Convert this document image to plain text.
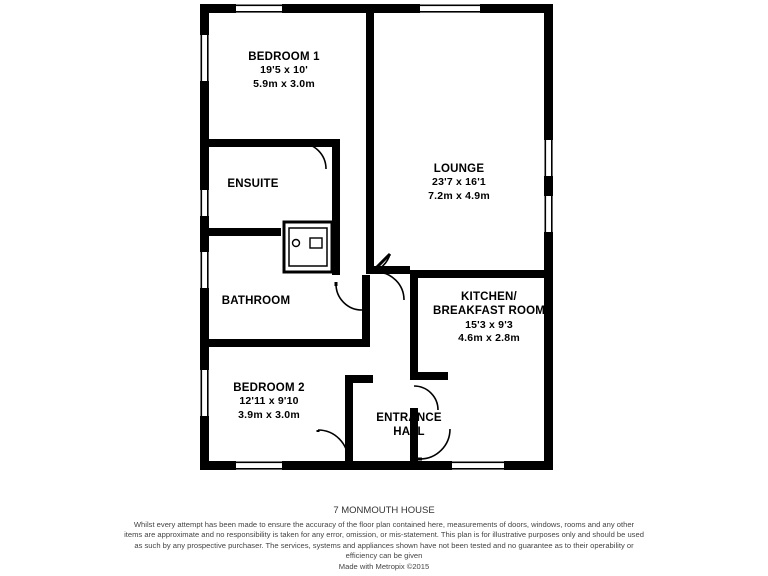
BEDROOM 1
19'5 x 10'
5.9m x 3.0m
ENSUITE
BATHROOM
BEDROOM 2
12'11 x 9'10
3.9m x 3.0m
LOUNGE
23'7 x 16'1
7.2m x 4.9m
KITCHEN/
BREAKFAST ROOM
15'3 x 9'3
4.6m x 2.8m
ENTRANCE
HALL
7 MONMOUTH HOUSE
Whilst every attempt has been made to ensure the accuracy of the floor plan contained here, measurements of doors, windows, rooms and any other items are approximate and no responsibility is taken for any error, omission, or mis-statement. This plan is for illustrative purposes only and should be used as such by any prospective purchaser. The services, systems and appliances shown have not been tested and no guarantee as to their operability or efficiency can be given
Made with Metropix ©2015
